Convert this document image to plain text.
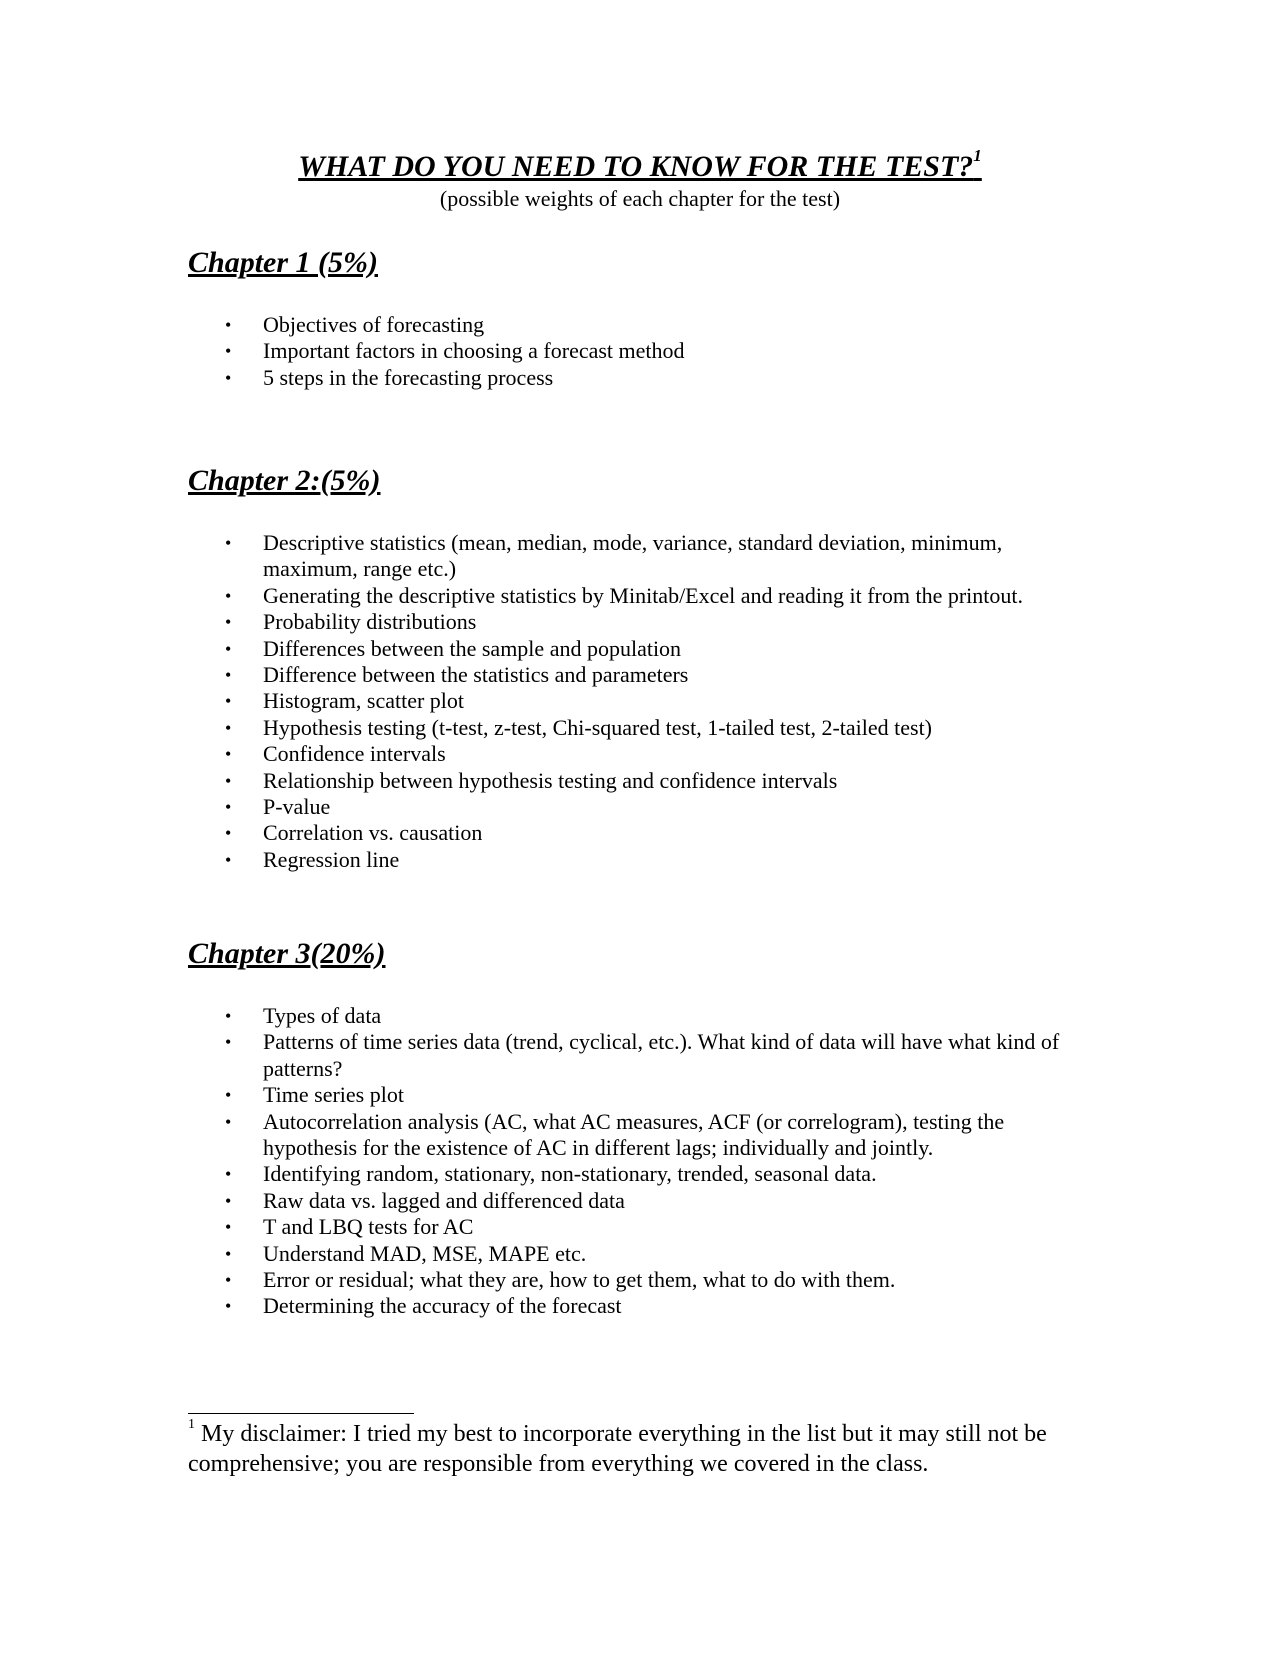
WHAT DO YOU NEED TO KNOW FOR THE TEST?$^1$

(possible weights of each chapter for the test)

Chapter 1 (5%)
• Objectives of forecasting
• Important factors in choosing a forecast method
• 5 steps in the forecasting process
Chapter 2:(5%)
• Descriptive statistics (mean, median, mode, variance, standard deviation, minimum, maximum, range etc.)
• Generating the descriptive statistics by Minitab/Excel and reading it from the printout.
• Probability distributions
• Differences between the sample and population
• Difference between the statistics and parameters
• Histogram, scatter plot
• Hypothesis testing (t-test, z-test, Chi-squared test, 1-tailed test, 2-tailed test)
• Confidence intervals
• Relationship between hypothesis testing and confidence intervals
• P-value
• Correlation vs. causation
• Regression line
Chapter 3(20%)
• Types of data
• Patterns of time series data (trend, cyclical, etc.). What kind of data will have what kind of patterns?
• Time series plot
• Autocorrelation analysis (AC, what AC measures, ACF (or correlogram), testing the hypothesis for the existence of AC in different lags; individually and jointly.
• Identifying random, stationary, non-stationary, trended, seasonal data.
• Raw data vs. lagged and differenced data
• T and LBQ tests for AC
• Understand MAD, MSE, MAPE etc.
• Error or residual; what they are, how to get them, what to do with them.
• Determining the accuracy of the forecast

$^1$ My disclaimer: I tried my best to incorporate everything in the list but it may still not be comprehensive; you are responsible from everything we covered in the class.
